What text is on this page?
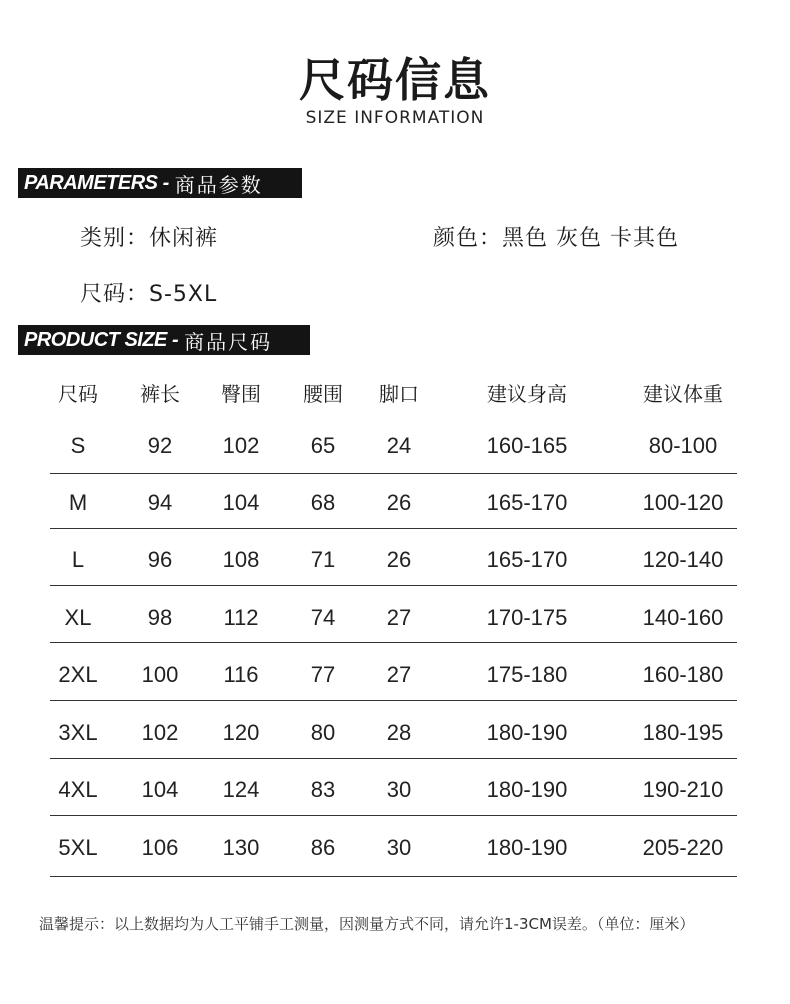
尺码信息
SIZE INFORMATION
PARAMETERS - 商品参数
类别：休闲裤	颜色：黑色 灰色 卡其色
尺码：S-5XL
PRODUCT SIZE - 商品尺码
尺码 裤长 臀围 腰围 脚口	建议身高	建议体重
S	92 102 65 24	160-165	80-100
M	94 104 68 26	165-170	100-120
L	96 108 71 26	165-170	120-140
XL	98 112 74 27	170-175	140-160
2XL 100 116 77 27	175-180	160-180
3XL 102 120 80 28	180-190	180-195
4XL 104 124 83 30	180-190	190-210
5XL 106 130 86 30	180-190	205-220
温馨提示：以上数据均为人工平铺手工测量，因测量方式不同，请允许1-3CM误差。（单位：厘米）
